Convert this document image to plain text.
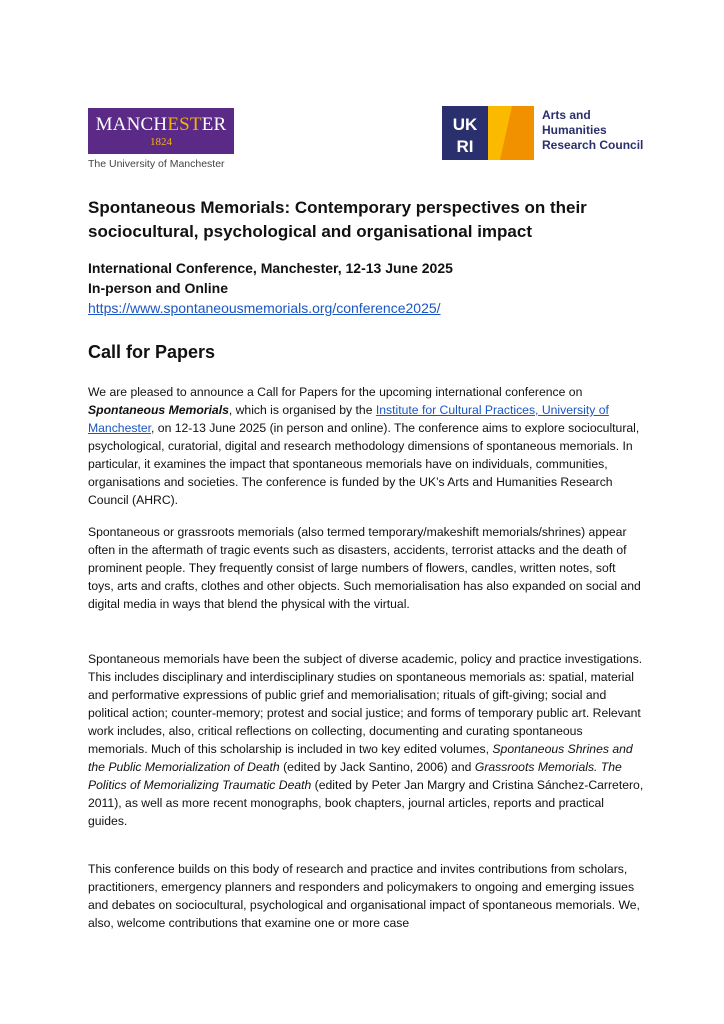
MANCHESTER
1824
The University of Manchester
UK
RI
Arts and
Humanities
Research Council
Spontaneous Memorials: Contemporary perspectives on their sociocultural, psychological and organisational impact
International Conference, Manchester, 12-13 June 2025
In-person and Online
https://www.spontaneousmemorials.org/conference2025/
Call for Papers
We are pleased to announce a Call for Papers for the upcoming international conference on Spontaneous Memorials, which is organised by the Institute for Cultural Practices, University of Manchester, on 12-13 June 2025 (in person and online). The conference aims to explore sociocultural, psychological, curatorial, digital and research methodology dimensions of spontaneous memorials. In particular, it examines the impact that spontaneous memorials have on individuals, communities, organisations and societies. The conference is funded by the UK’s Arts and Humanities Research Council (AHRC).
Spontaneous or grassroots memorials (also termed temporary/makeshift memorials/shrines) appear often in the aftermath of tragic events such as disasters, accidents, terrorist attacks and the death of prominent people. They frequently consist of large numbers of flowers, candles, written notes, soft toys, arts and crafts, clothes and other objects. Such memorialisation has also expanded on social and digital media in ways that blend the physical with the virtual.
Spontaneous memorials have been the subject of diverse academic, policy and practice investigations. This includes disciplinary and interdisciplinary studies on spontaneous memorials as: spatial, material and performative expressions of public grief and memorialisation; rituals of gift-giving; social and political action; counter-memory; protest and social justice; and forms of temporary public art. Relevant work includes, also, critical reflections on collecting, documenting and curating spontaneous memorials. Much of this scholarship is included in two key edited volumes, Spontaneous Shrines and the Public Memorialization of Death (edited by Jack Santino, 2006) and Grassroots Memorials. The Politics of Memorializing Traumatic Death (edited by Peter Jan Margry and Cristina Sánchez-Carretero, 2011), as well as more recent monographs, book chapters, journal articles, reports and practical guides.
This conference builds on this body of research and practice and invites contributions from scholars, practitioners, emergency planners and responders and policymakers to ongoing and emerging issues and debates on sociocultural, psychological and organisational impact of spontaneous memorials. We, also, welcome contributions that examine one or more case
